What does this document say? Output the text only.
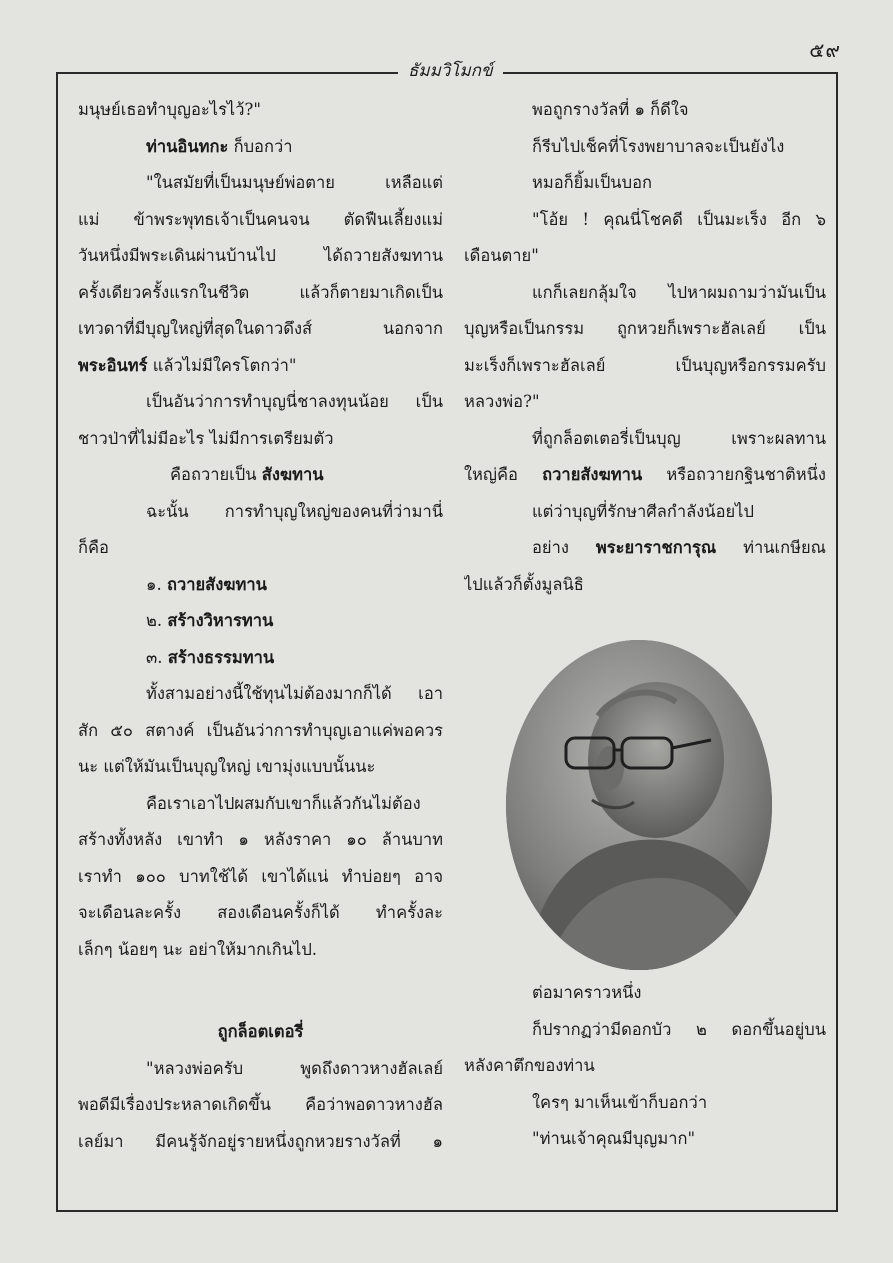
๕๙
ธัมมวิโมกข์
มนุษย์เธอทำบุญอะไรไว้?"
ท่านอินทกะ ก็บอกว่า
"ในสมัยที่เป็นมนุษย์พ่อตาย เหลือแต่
แม่ ข้าพระพุทธเจ้าเป็นคนจน ตัดฟืนเลี้ยงแม่
วันหนึ่งมีพระเดินผ่านบ้านไป ได้ถวายสังฆทาน
ครั้งเดียวครั้งแรกในชีวิต แล้วก็ตายมาเกิดเป็น
เทวดาที่มีบุญใหญ่ที่สุดในดาวดึงส์ นอกจาก
พระอินทร์ แล้วไม่มีใครโตกว่า"
เป็นอันว่าการทำบุญนี่ชาลงทุนน้อย เป็น
ชาวป่าที่ไม่มีอะไร ไม่มีการเตรียมตัว
คือถวายเป็น สังฆทาน
ฉะนั้น การทำบุญใหญ่ของคนที่ว่ามานี่
ก็คือ
๑. ถวายสังฆทาน
๒. สร้างวิหารทาน
๓. สร้างธรรมทาน
ทั้งสามอย่างนี้ใช้ทุนไม่ต้องมากก็ได้ เอา
สัก ๕๐ สตางค์ เป็นอันว่าการทำบุญเอาแค่พอควร
นะ แต่ให้มันเป็นบุญใหญ่ เขามุ่งแบบนั้นนะ
คือเราเอาไปผสมกับเขาก็แล้วกันไม่ต้อง
สร้างทั้งหลัง เขาทำ ๑ หลังราคา ๑๐ ล้านบาท
เราทำ ๑๐๐ บาทใช้ได้ เขาได้แน่ ทำบ่อยๆ อาจ
จะเดือนละครั้ง สองเดือนครั้งก็ได้ ทำครั้งละ
เล็กๆ น้อยๆ นะ อย่าให้มากเกินไป.
ถูกล็อตเตอรี่
"หลวงพ่อครับ พูดถึงดาวหางฮัลเลย์
พอดีมีเรื่องประหลาดเกิดขึ้น คือว่าพอดาวหางฮัล
เลย์มา มีคนรู้จักอยู่รายหนึ่งถูกหวยรางวัลที่ ๑
พอถูกรางวัลที่ ๑ ก็ดีใจ
ก็รีบไปเช็คที่โรงพยาบาลจะเป็นยังไง
หมอก็ยิ้มเป็นบอก
"โอ้ย ! คุณนี่โชคดี เป็นมะเร็ง อีก ๖
เดือนตาย"
แกก็เลยกลุ้มใจ ไปหาผมถามว่ามันเป็น
บุญหรือเป็นกรรม ถูกหวยก็เพราะฮัลเลย์ เป็น
มะเร็งก็เพราะฮัลเลย์ เป็นบุญหรือกรรมครับ
หลวงพ่อ?"
ที่ถูกล็อตเตอรี่เป็นบุญ เพราะผลทาน
ใหญ่คือ ถวายสังฆทาน หรือถวายกฐินชาติหนึ่ง
แต่ว่าบุญที่รักษาศีลกำลังน้อยไป
อย่าง พระยาราชการุณ ท่านเกษียณ
ไปแล้วก็ตั้งมูลนิธิ
ต่อมาคราวหนึ่ง
ก็ปรากฏว่ามีดอกบัว ๒ ดอกขึ้นอยู่บน
หลังคาตึกของท่าน
ใครๆ มาเห็นเข้าก็บอกว่า
"ท่านเจ้าคุณมีบุญมาก"
